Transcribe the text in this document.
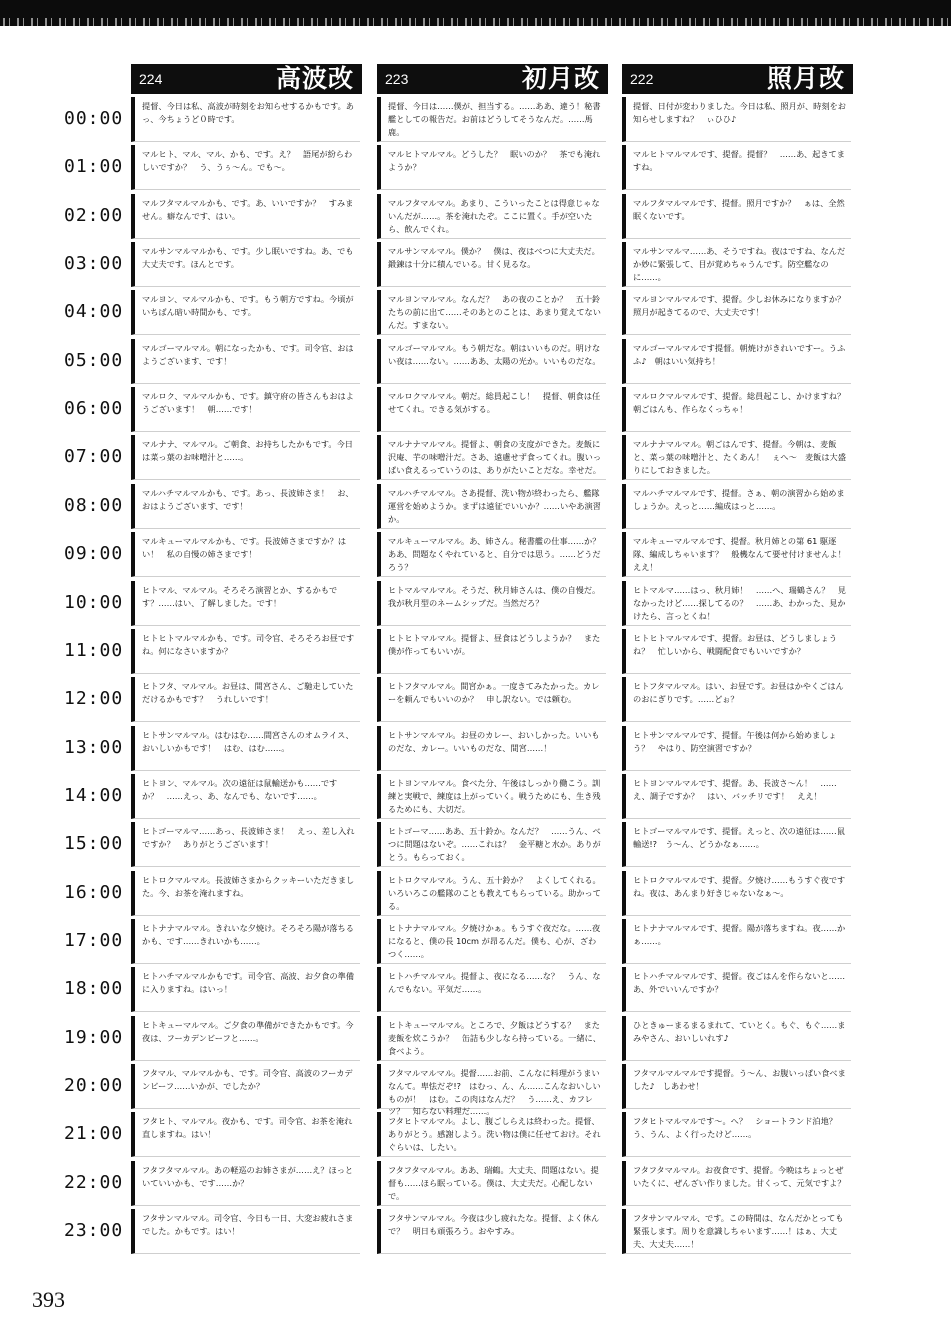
224	高波改 223	初月改 222	照月改
00:00
提督、今日は私、高波が時刻をお知らせするかもです。あっ、今ちょうど０時です。
提督、今日は……僕が、担当する。……ああ、違う！秘書艦としての報告だ。お前はどうしてそうなんだ。……馬鹿。
提督、日付が変わりました。今日は私、照月が、時刻をお知らせしますね？　ぃひひ♪
01:00
マルヒト、マル、マル、かも、です。え？　語尾が紛らわしいですか？　う、うぅ～ん。でも～。
マルヒトマルマル。どうした？　眠いのか？　茶でも淹れようか？
マルヒトマルマルです、提督。提督？　……あ、起きてますね。
02:00
マルフタマルマルかも、です。あ、いいですか？　すみません。癖なんです、はい。
マルフタマルマル。あまり、こういったことは得意じゃないんだが……。茶を淹れたぞ。ここに置く。手が空いたら、飲んでくれ。
マルフタマルマルです、提督。照月ですか？　ぁは、全然眠くないです。
03:00
マルサンマルマルかも、です。少し眠いですね。あ、でも大丈夫です。ほんとです。
マルサンマルマル。僕か？　僕は、夜はべつに大丈夫だ。鍛錬は十分に積んでいる。甘く見るな。
マルサンマルマ……あ、そうですね。夜はですね、なんだか妙に緊張して、目が覚めちゃうんです。防空艦なのに……。
04:00
マルヨン、マルマルかも、です。もう朝方ですね。今頃がいちばん暗い時間かも、です。
マルヨンマルマル。なんだ？　あの夜のことか？　五十鈴たちの前に出て……そのあとのことは、あまり覚えてないんだ。すまない。
マルヨンマルマルです、提督。少しお休みになりますか？　照月が起きてるので、大丈夫です！
05:00
マルゴーマルマル。朝になったかも、です。司令官、おはようございます、です！
マルゴーマルマル。もう朝だな。朝はいいものだ。明けない夜は……ない。……ああ、太陽の光か。いいものだな。
マルゴーマルマルです提督。朝焼けがきれいですー。うふふ♪　朝はいい気持ち！
06:00
マルロク、マルマルかも、です。鎮守府の皆さんもおはようございます！　朝……です！
マルロクマルマル。朝だ。総員起こし！　提督、朝食は任せてくれ。できる気がする。
マルロクマルマルです、提督。総員起こし、かけますね？　朝ごはんも、作らなくっちゃ！
07:00
マルナナ、マルマル。ご朝食、お持ちしたかもです。今日は菜っ葉のお味噌汁と……。
マルナナマルマル。提督よ、朝食の支度ができた。麦飯に沢庵、芋の味噌汁だ。さあ、遠慮せず食ってくれ。腹いっぱい食えるっていうのは、ありがたいことだな。幸せだ。
マルナナマルマル。朝ごはんです、提督。今朝は、麦飯と、菜っ葉の味噌汁と、たくあん！　ぇへ～　麦飯は大盛りにしておきました。
08:00
マルハチマルマルかも、です。あっ、長波姉さま！　お、おはようございます、です！
マルハチマルマル。さあ提督、洗い物が終わったら、艦隊運営を始めようか。まずは遠征でいいか？……いやあ演習か。
マルハチマルマルです、提督。さぁ、朝の演習から始めましょうか。えっと……編成はっと……。
09:00
マルキューマルマルかも、です。長波姉さまですか？はい！　私の自慢の姉さまです！
マルキューマルマル。あ、姉さん。秘書艦の仕事……か？　ああ、問題なくやれていると、自分では思う。……どうだろう？
マルキューマルマルです、提督。秋月姉との第 61 駆逐隊、編成しちゃいます？　般機なんて要せ付けませんよ！ええ！
10:00
ヒトマル、マルマル。そろそろ演習とか、するかもです？……はい、了解しました。です！
ヒトマルマルマル。そうだ、秋月姉さんは、僕の自慢だ。我が秋月型のネームシップだ。当然だろ？
ヒトマルマ……はっ、秋月姉！　……へ、瑞鶴さん？　見なかったけど……探してるの？　……あ、わかった、見かけたら、言っとくね！
11:00
ヒトヒトマルマルかも、です。司令官、そろそろお昼ですね。何になさいますか？
ヒトヒトマルマル。提督よ、昼食はどうしようか？　また僕が作ってもいいが。
ヒトヒトマルマルです、提督。お昼は、どうしましょうね？　忙しいから、戦闘配食でもいいですか？
12:00
ヒトフタ、マルマル。お昼は、間宮さん、ご馳走していただけるかもです？　うれしいです！
ヒトフタマルマル。間宮かぁ。一度きてみたかった。カレーを頼んでもいいのか？　申し訳ない。では頼む。
ヒトフタマルマル。はい、お昼です。お昼はかやくごはんのおにぎりです。……どぉ？
13:00
ヒトサンマルマル。はむはむ……間宮さんのオムライス、おいしいかもです！　はむ、はむ……。
ヒトサンマルマル。お昼のカレー、おいしかった。いいものだな、カレー。いいものだな、間宮……！
ヒトサンマルマルです、提督。午後は何から始めましょう？　やはり、防空演習ですか？
14:00
ヒトヨン、マルマル。次の遠征は鼠輸送かも……ですか？　……えっ、あ、なんでも、ないです……。
ヒトヨンマルマル。食べた分、午後はしっかり働こう。訓練と実戦で、練度は上がっていく。戦うためにも、生き残るためにも、大切だ。
ヒトヨンマルマルです、提督。あ、長波さ～ん！　……え、調子ですか？　はい、バッチリです！　ええ！
15:00
ヒトゴーマルマ……あっ、長波姉さま！　えっ、差し入れですか？　ありがとうございます！
ヒトゴーマ……ああ、五十鈴か。なんだ？　……うん、べつに問題はないぞ。……これは？　金平糖と水か。ありがとう。もらっておく。
ヒトゴーマルマルです、提督。えっと、次の遠征は……鼠輸送!?　う～ん、どうかなぁ……。
16:00
ヒトロクマルマル。長波姉さまからクッキーいただきました。今、お茶を淹れますね。
ヒトロクマルマル。うん、五十鈴か？　よくしてくれる。いろいろこの艦隊のことも教えてもらっている。助かってる。
ヒトロクマルマルです、提督。夕焼け……もうすぐ夜ですね。夜は、あんまり好きじゃないなぁ～。
17:00
ヒトナナマルマル。きれいな夕焼け。そろそろ陽が落ちるかも、です……きれいかも……。
ヒトナナマルマル。夕焼けかぁ。もうすぐ夜だな。……夜になると、僕の長 10cm が昂るんだ。僕も、心が、ざわつく……。
ヒトナナマルマルです、提督。陽が落ちますね。夜……かぁ……。
18:00
ヒトハチマルマルかもです。司令官、高波、お夕食の準備に入りますね。はいっ！
ヒトハチマルマル。提督よ、夜になる……な？　うん、なんでもない。平気だ……。
ヒトハチマルマルです、提督。夜ごはんを作らないと……あ、外でいいんですか？
19:00
ヒトキューマルマル。ご夕食の準備ができたかもです。今夜は、フーカデンビーフと……。
ヒトキューマルマル。ところで、夕飯はどうする？　また麦飯を炊こうか？　缶詰も少しなら持っている。一緒に、食べよう。
ひときゅーまるまるまれて、ていとく。もぐ、もぐ……まみやさん、おいしいれす♪
20:00
フタマル、マルマルかも、です。司令官、高波のフーカデンビーフ……いかが、でしたか？
フタマルマルマル。提督……お前、こんなに料理がうまいなんて。卑怯だぞ!?　はむっ、ん、ん……こんなおいしいものが！　はむ。この肉はなんだ？　う……え、カフレツ？　知らない料理だ……。
フタマルマルマルです提督。う～ん、お腹いっぱい食べました♪　しあわせ！
21:00
フタヒト、マルマル。夜かも、です。司令官、お茶を淹れ直しますね。はい！
フタヒトマルマル。よし、腹ごしらえは終わった。提督、ありがとう。感謝しよう。洗い物は僕に任せておけ。それぐらいは、したい。
フタヒトマルマルです～。へ？　ショートランド泊地？　う、うん、よく行ったけど……。
22:00
フタフタマルマル。あの軽巡のお姉さまが……え？ほっといていいかも、です……か？
フタフタマルマル。ああ、瑞鶴。大丈夫、問題はない。提督も……ほら眠っている。僕は、大丈夫だ。心配しないで。
フタフタマルマル。お夜食です、提督。今晩はちょっとぜいたくに、ぜんざい作りました。甘くって、元気ですよ？
23:00
フタサンマルマル。司令官、今日も一日、大変お疲れさまでした。かもです。はい！
フタサンマルマル。今夜は少し疲れたな。提督、よく休んで？　明日も頑張ろう。おやすみ。
フタサンマルマル、です。この時間は、なんだかとっても緊張します。周りを意識しちゃいます……！はぁ、大丈夫、大丈夫……！
393
